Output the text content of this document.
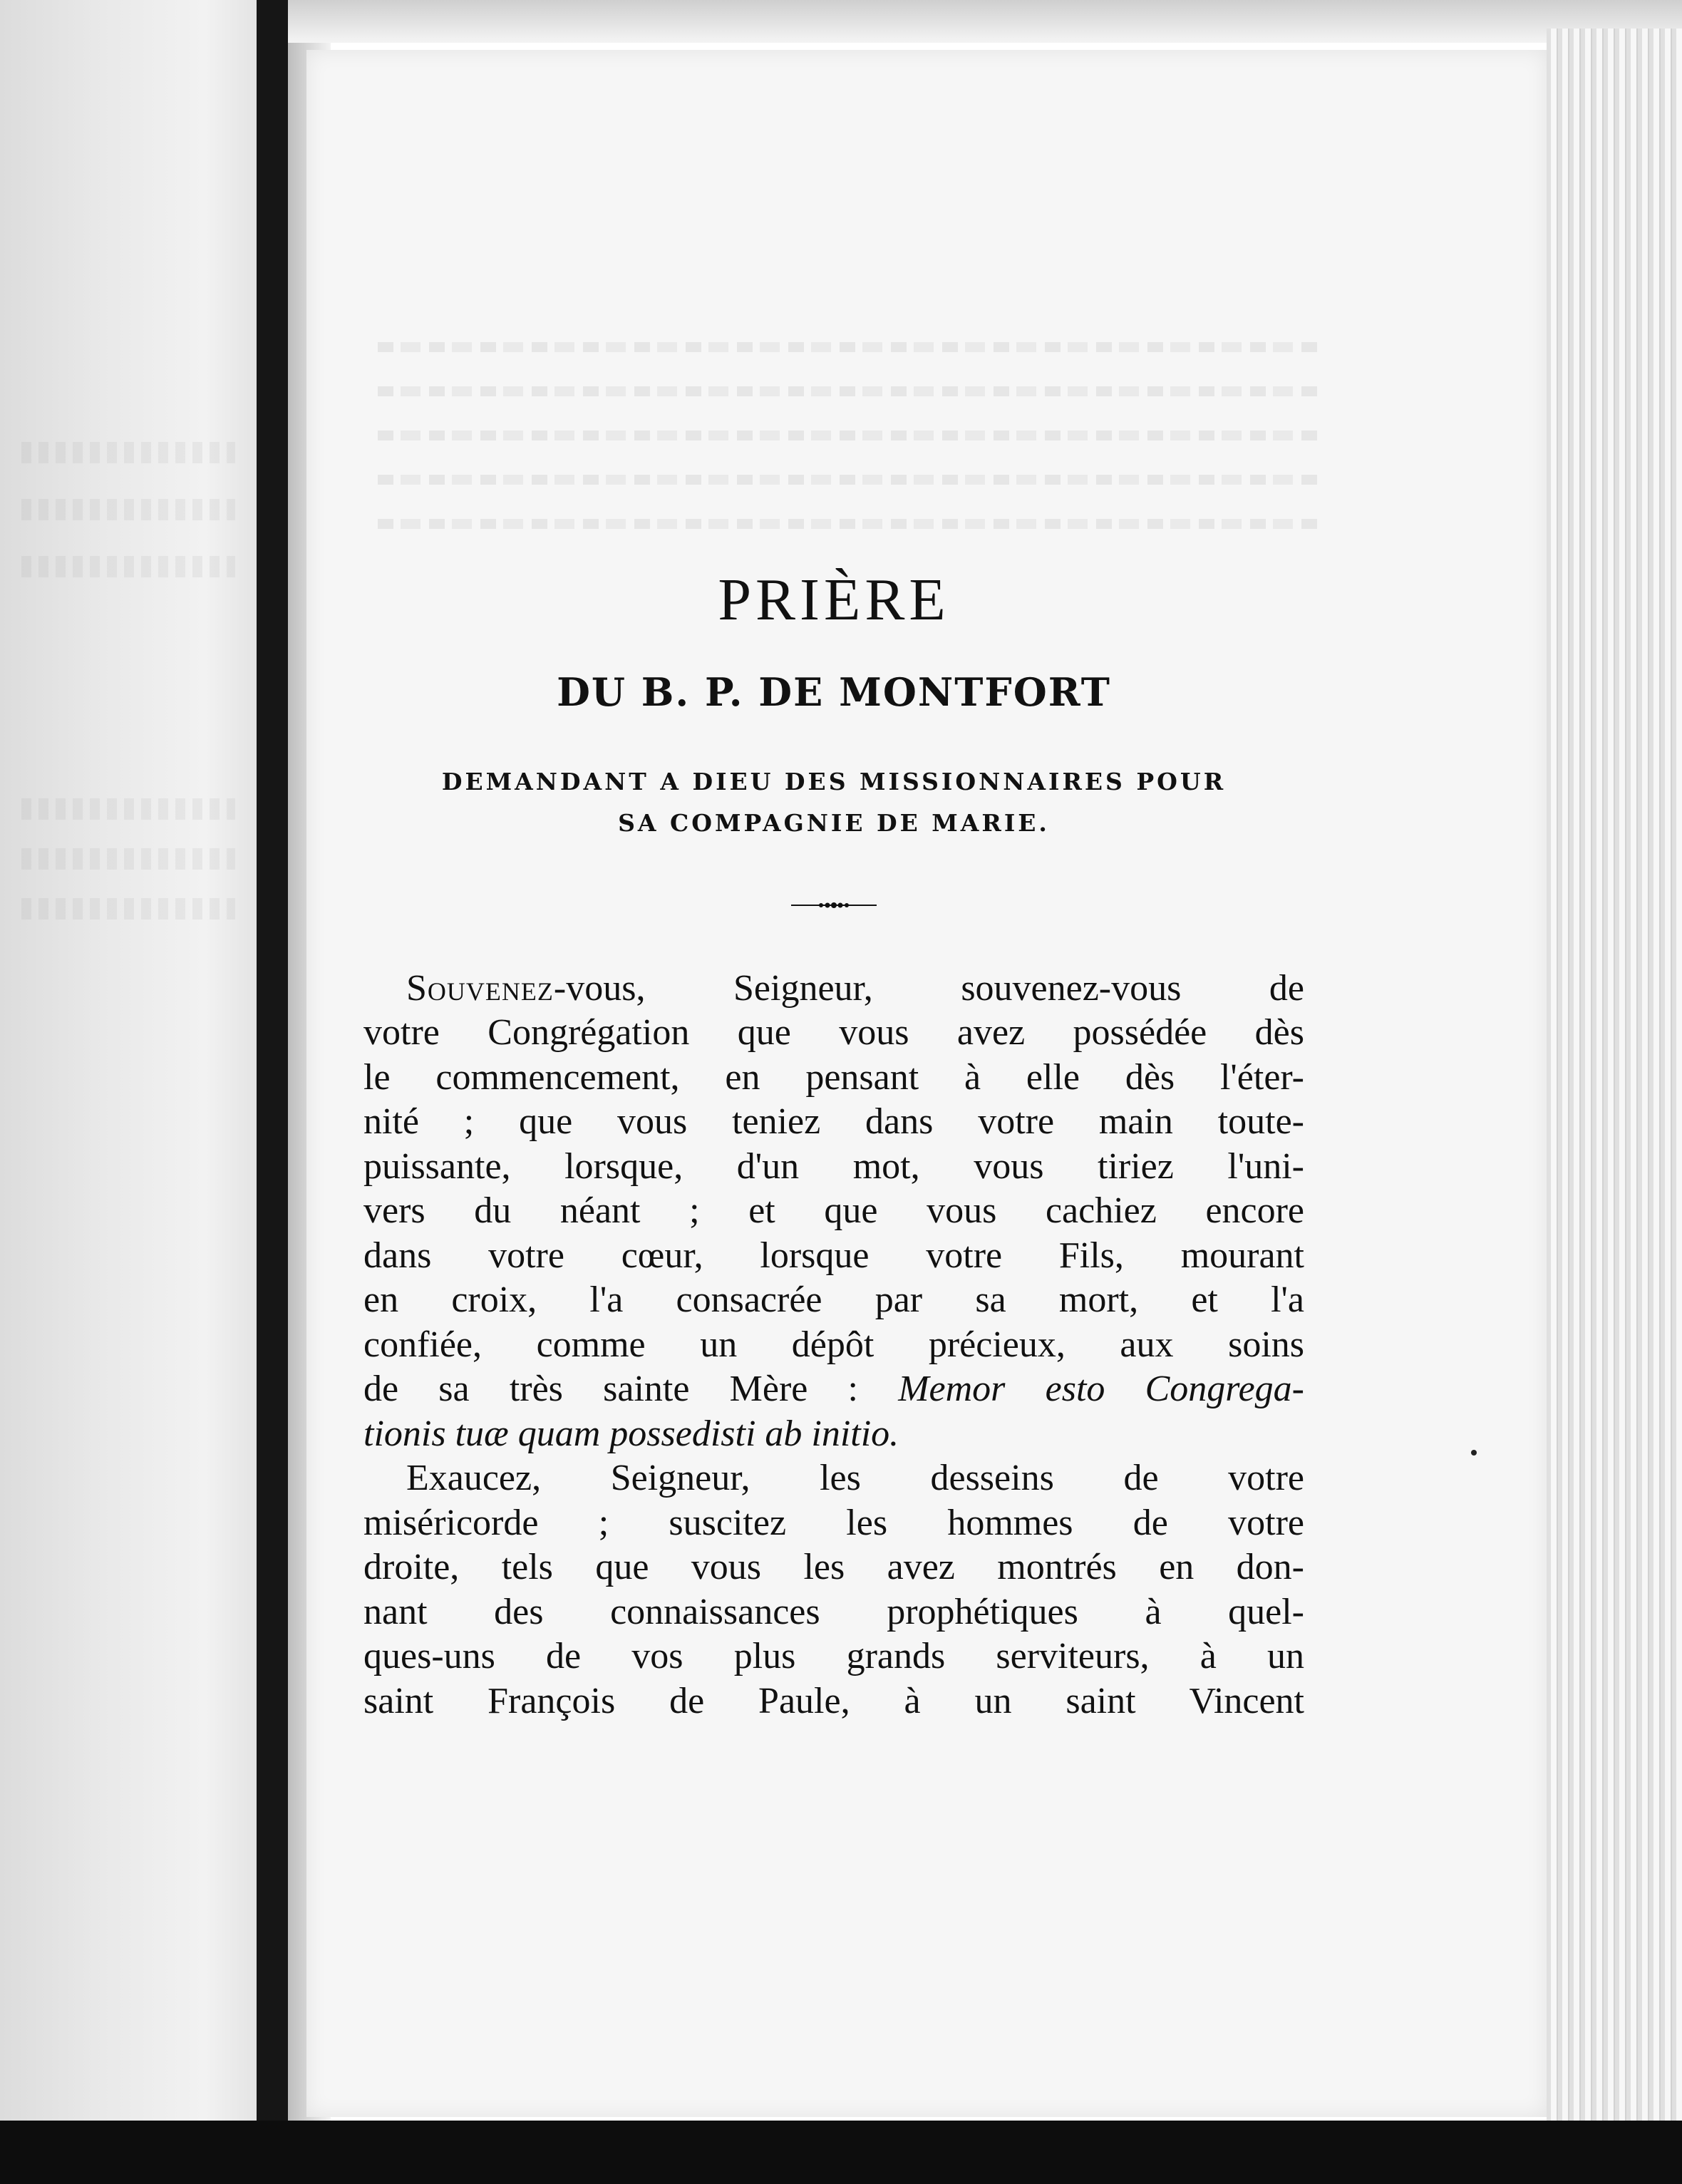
PRIÈRE
DU B. P. DE MONTFORT

DEMANDANT A DIEU DES MISSIONNAIRES POUR
SA COMPAGNIE DE MARIE.

Souvenez-vous, Seigneur, souvenez-vous de
votre Congrégation que vous avez possédée dès
le commencement, en pensant à elle dès l'éter-
nité ; que vous teniez dans votre main toute-
puissante, lorsque, d'un mot, vous tiriez l'uni-
vers du néant ; et que vous cachiez encore
dans votre cœur, lorsque votre Fils, mourant
en croix, l'a consacrée par sa mort, et l'a
confiée, comme un dépôt précieux, aux soins
de sa très sainte Mère : Memor esto Congrega-
tionis tuæ quam possedisti ab initio.
Exaucez, Seigneur, les desseins de votre
miséricorde ; suscitez les hommes de votre
droite, tels que vous les avez montrés en don-
nant des connaissances prophétiques à quel-
ques-uns de vos plus grands serviteurs, à un
saint François de Paule, à un saint Vincent
